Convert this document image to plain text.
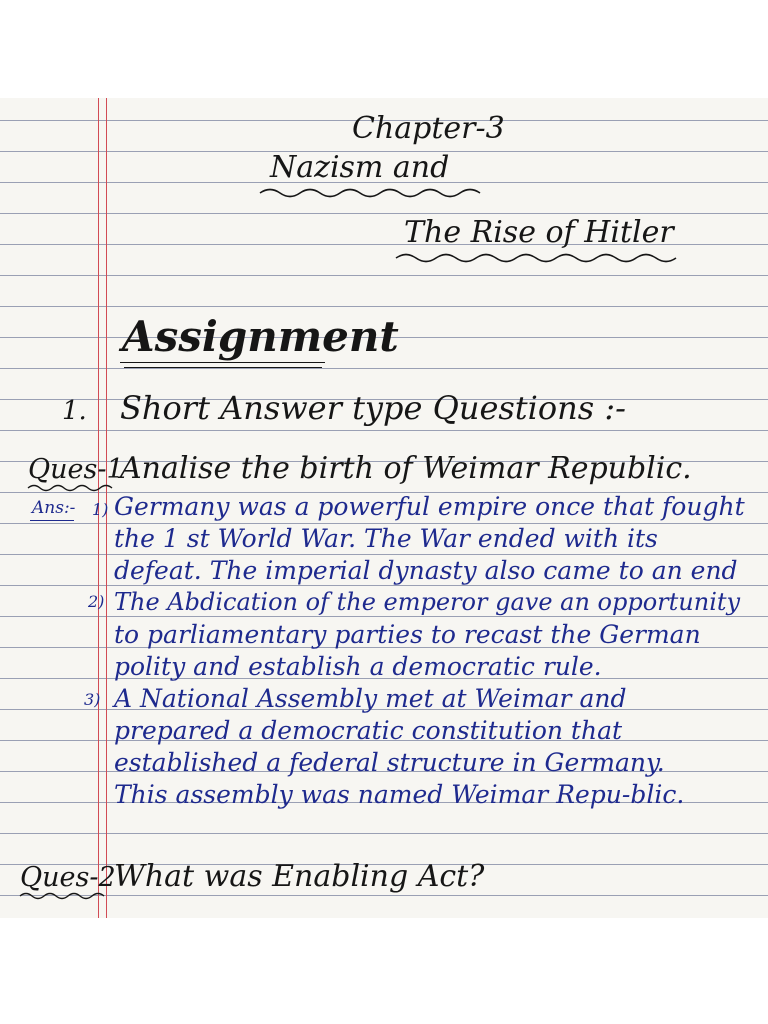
Chapter-3
Nazism and
The Rise of Hitler
Assignment
1. Short Answer type Questions :-
Ques-1
Analise the birth of Weimar Republic.
Ans:- 1) Germany was a powerful empire once that fought
the 1 st World War. The War ended with its
defeat. The imperial dynasty also came to an end
2) The Abdication of the emperor gave an opportunity
to parliamentary parties to recast the German
polity and establish a democratic rule.
3) A National Assembly met at Weimar and
prepared a democratic constitution that
established a federal structure in Germany.
This assembly was named Weimar Repu-blic.
Ques-2
What was Enabling Act?
